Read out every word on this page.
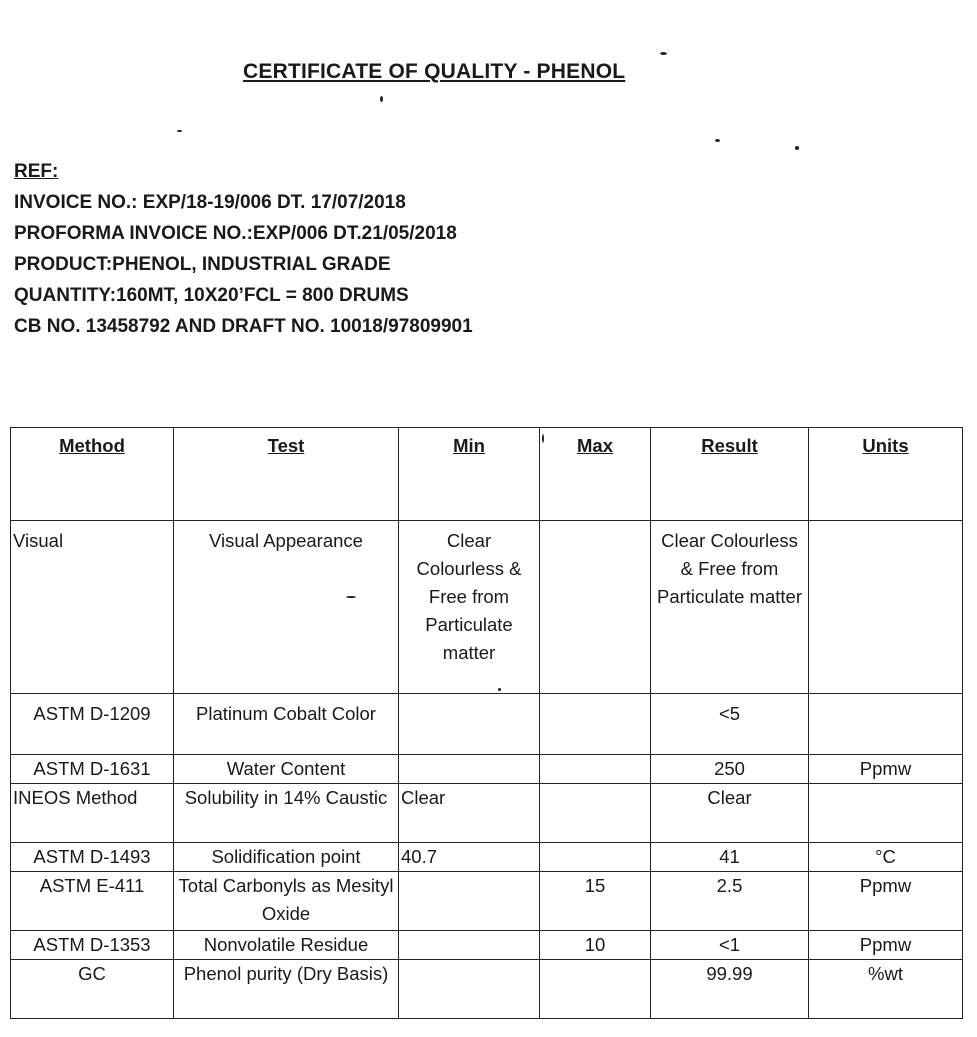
CERTIFICATE OF QUALITY - PHENOL
REF:
INVOICE NO.: EXP/18-19/006 DT. 17/07/2018
PROFORMA INVOICE NO.:EXP/006 DT.21/05/2018
PRODUCT:PHENOL, INDUSTRIAL GRADE
QUANTITY:160MT, 10X20’FCL = 800 DRUMS
CB NO. 13458792 AND DRAFT NO. 10018/97809901
Method	Test	Min	Max	Result	Units
Visual	Visual Appearance	Clear Colourless & Free from Particulate matter		Clear Colourless & Free from Particulate matter	
ASTM D-1209	Platinum Cobalt Color			<5	
ASTM D-1631	Water Content			250	Ppmw
INEOS Method	Solubility in 14% Caustic	Clear		Clear	
ASTM D-1493	Solidification point	40.7		41	°C
ASTM E-411	Total Carbonyls as Mesityl Oxide		15	2.5	Ppmw
ASTM D-1353	Nonvolatile Residue		10	<1	Ppmw
GC	Phenol purity (Dry Basis)			99.99	%wt
